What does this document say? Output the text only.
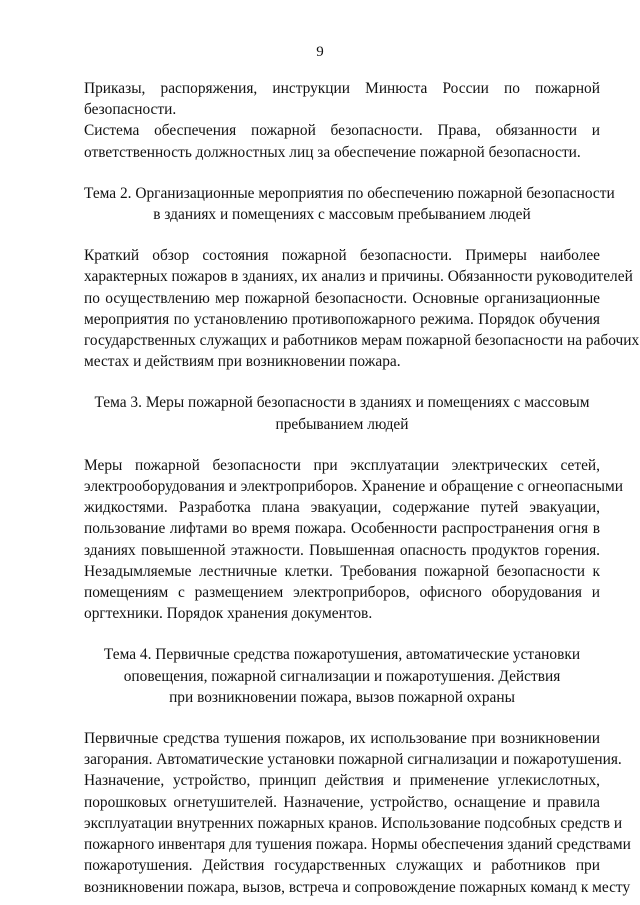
9
Приказы, распоряжения, инструкции Минюста России по пожарной
безопасности.
Система обеспечения пожарной безопасности. Права, обязанности и
ответственность должностных лиц за обеспечение пожарной безопасности.
Тема 2. Организационные мероприятия по обеспечению пожарной безопасности
в зданиях и помещениях с массовым пребыванием людей
Краткий обзор состояния пожарной безопасности. Примеры наиболее
характерных пожаров в зданиях, их анализ и причины. Обязанности руководителей
по осуществлению мер пожарной безопасности. Основные организационные
мероприятия по установлению противопожарного режима. Порядок обучения
государственных служащих и работников мерам пожарной безопасности на рабочих
местах и действиям при возникновении пожара.
Тема 3. Меры пожарной безопасности в зданиях и помещениях с массовым
пребыванием людей
Меры пожарной безопасности при эксплуатации электрических сетей,
электрооборудования и электроприборов. Хранение и обращение с огнеопасными
жидкостями. Разработка плана эвакуации, содержание путей эвакуации,
пользование лифтами во время пожара. Особенности распространения огня в
зданиях повышенной этажности. Повышенная опасность продуктов горения.
Незадымляемые лестничные клетки. Требования пожарной безопасности к
помещениям с размещением электроприборов, офисного оборудования и
оргтехники. Порядок хранения документов.
Тема 4. Первичные средства пожаротушения, автоматические установки
оповещения, пожарной сигнализации и пожаротушения. Действия
при возникновении пожара, вызов пожарной охраны
Первичные средства тушения пожаров, их использование при возникновении
загорания. Автоматические установки пожарной сигнализации и пожаротушения.
Назначение, устройство, принцип действия и применение углекислотных,
порошковых огнетушителей. Назначение, устройство, оснащение и правила
эксплуатации внутренних пожарных кранов. Использование подсобных средств и
пожарного инвентаря для тушения пожара. Нормы обеспечения зданий средствами
пожаротушения. Действия государственных служащих и работников при
возникновении пожара, вызов, встреча и сопровождение пожарных команд к месту
